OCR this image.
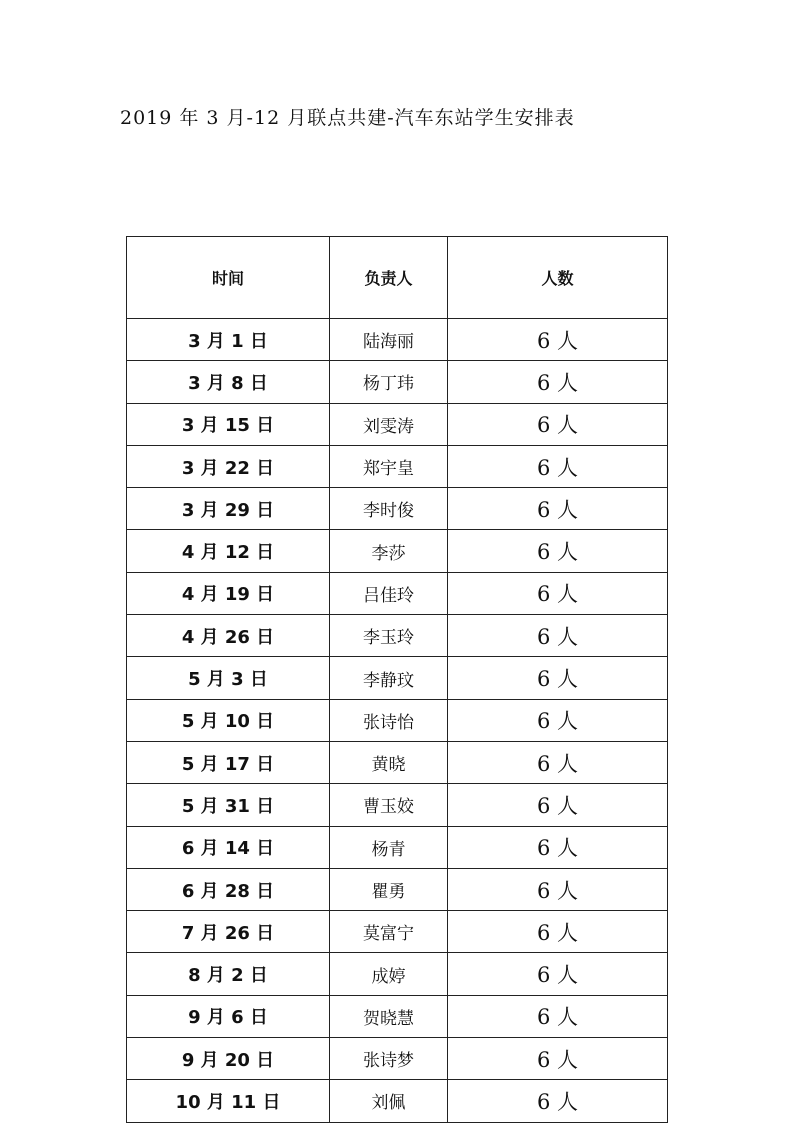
2019 年 3 月-12 月联点共建-汽车东站学生安排表
时间	负责人	人数
3 月 1 日	陆海丽	6 人
3 月 8 日	杨丁玮	6 人
3 月 15 日	刘雯涛	6 人
3 月 22 日	郑宇皇	6 人
3 月 29 日	李时俊	6 人
4 月 12 日	李莎	6 人
4 月 19 日	吕佳玲	6 人
4 月 26 日	李玉玲	6 人
5 月 3 日	李静玟	6 人
5 月 10 日	张诗怡	6 人
5 月 17 日	黄晓	6 人
5 月 31 日	曹玉姣	6 人
6 月 14 日	杨青	6 人
6 月 28 日	瞿勇	6 人
7 月 26 日	莫富宁	6 人
8 月 2 日	成婷	6 人
9 月 6 日	贺晓慧	6 人
9 月 20 日	张诗梦	6 人
10 月 11 日	刘佩	6 人
